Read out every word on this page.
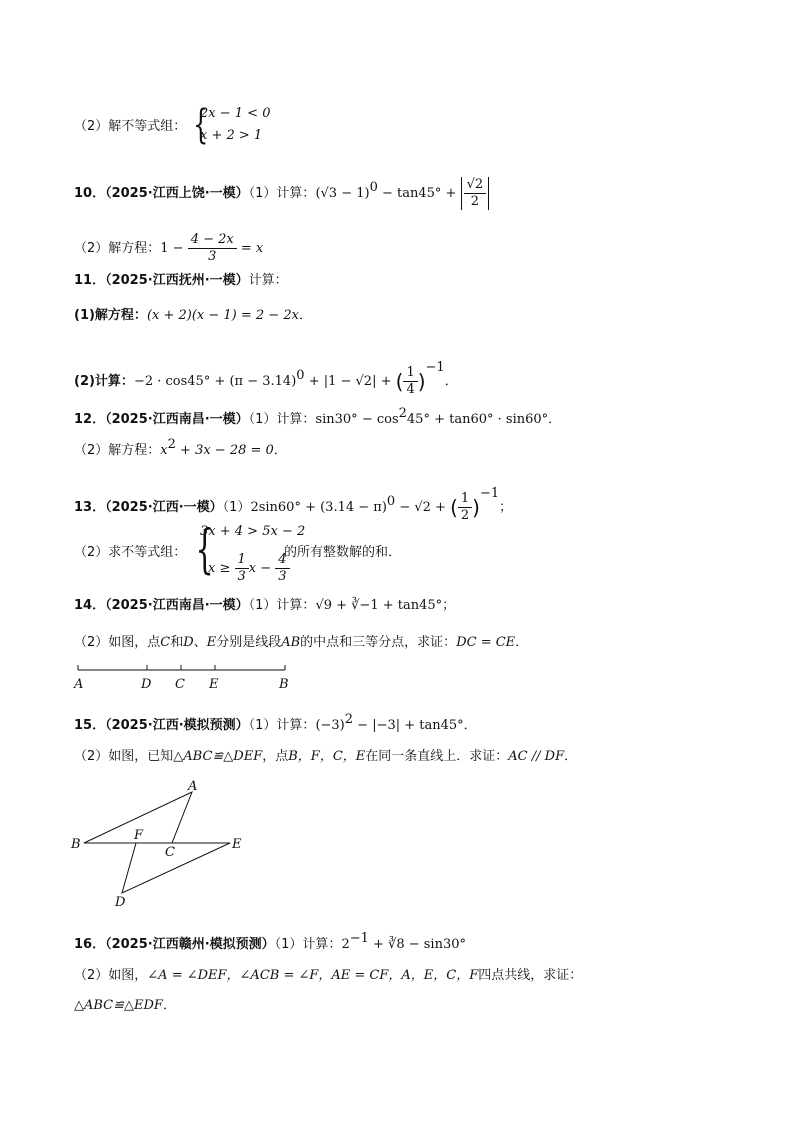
（2）解不等式组： {
2x − 1 < 0
x + 2 > 1
10．（2025·江西上饶·一模）（1）计算：$(√3 - 1)^0 - \tan 45^\circ + \frac{√2}{2}$
（2）解方程：$1 - \frac{4 - 2x}{3} = x$
11．（2025·江西抚州·一模）计算：
(1)解方程：(x + 2)(x − 1) = 2 − 2x．
(2)计算：$-2 \cdot \cos 45^\circ + (\pi - 3.14)^0 + |1 - √2|$ + ( $\frac{1}{4} )^{-1}$．
12．（2025·江西南昌·一模）（1）计算：$\sin 30^\circ - \cos^245^\circ + \tan 60^\circ \cdot \sin 60^\circ$．
（2）解方程：$x^2 + 3x - 28 = 0$．
13．（2025·江西·一模）$(1)2\sin 60^\circ + (3.14 - \pi)^0 - √2$ + ( $\frac{1}{2} )^{-1}$；
（2）求不等式组： {
3x + 4 > 5x − 2
$x \ge \frac{1}{3}$ $x - \frac{4}{3}$
的所有整数解的和．
14．（2025·江西南昌·一模）（1）计算：√9 + ∛−1 + tan45°；
（2）如图，点C和D、E分别是线段AB的中点和三等分点，求证：DC = CE．
A	D C E	B
15．（2025·江西·模拟预测）（1）计算：$(-3)^2 - |-3| + \tan 45^\circ$．
（2）如图，已知△ABC≌△DEF，点B，F，C，E在同一条直线上．求证：AC // DF．
A
B
F
C
E
D
16．（2025·江西赣州·模拟预测）（1）计算：$2^{-1}$ + ∛8 − sin30°
（2）如图，∠A = ∠DEF，∠ACB = ∠F，AE = CF，A，E，C，F四点共线，求证：
△ABC≌△EDF．
